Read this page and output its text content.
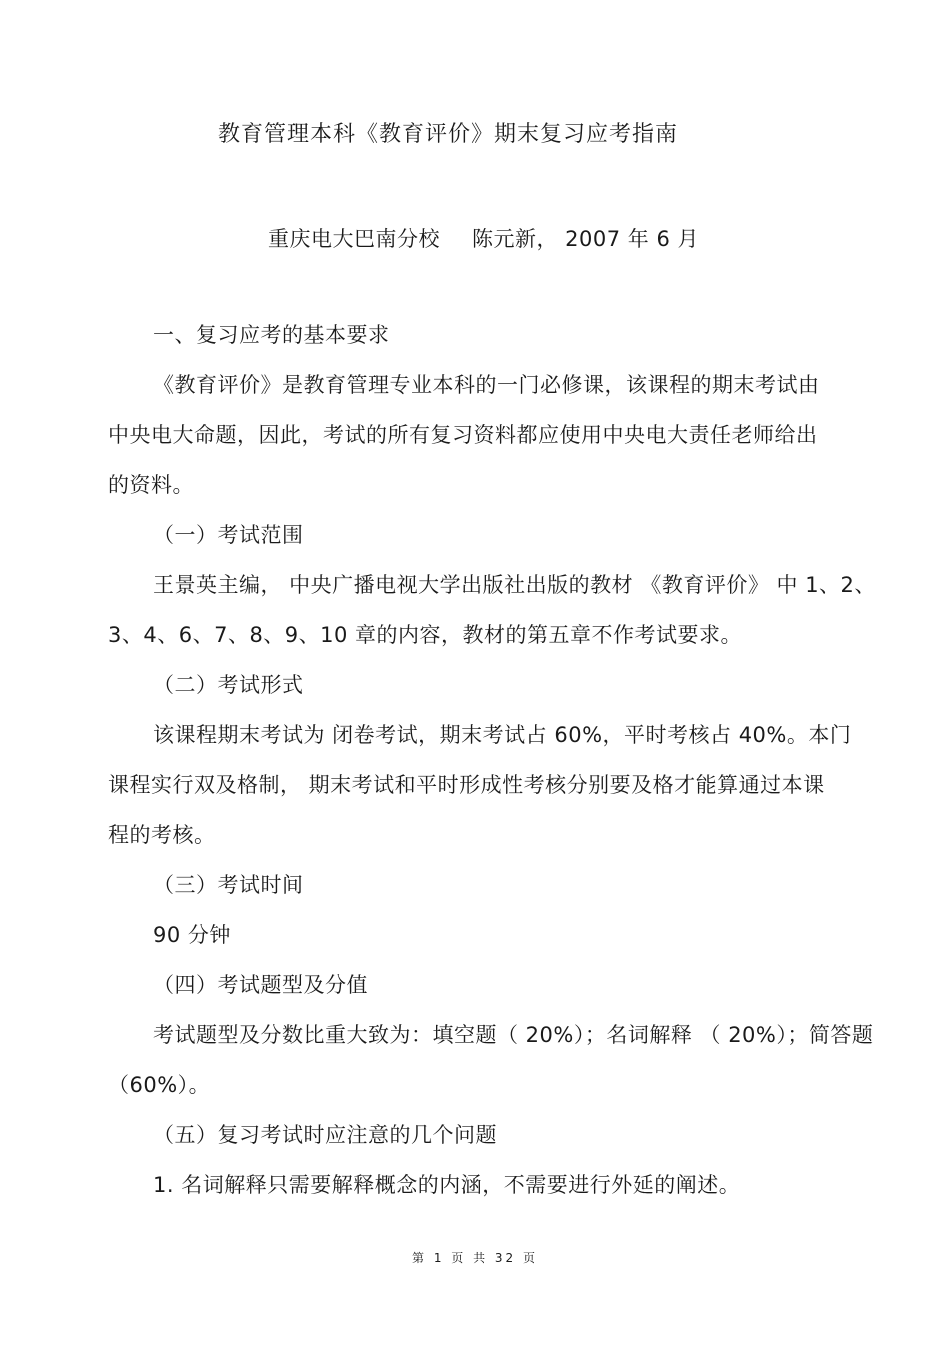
教育管理本科《教育评价》期末复习应考指南
重庆电大巴南分校 陈元新， 2007 年 6 月
一、复习应考的基本要求
《教育评价》是教育管理专业本科的一门必修课，该课程的期末考试由
中央电大命题，因此，考试的所有复习资料都应使用中央电大责任老师给出
的资料。
（一）考试范围
王景英主编， 中央广播电视大学出版社出版的教材 《教育评价》 中 1、2、
3、4、6、7、8、9、10 章的内容，教材的第五章不作考试要求。
（二）考试形式
该课程期末考试为 闭卷考试，期末考试占 60%，平时考核占 40%。本门
课程实行双及格制， 期末考试和平时形成性考核分别要及格才能算通过本课
程的考核。
（三）考试时间
90 分钟
（四）考试题型及分值
考试题型及分数比重大致为：填空题（ 20%）；名词解释 （ 20%）；简答题
（60%）。
（五）复习考试时应注意的几个问题
1. 名词解释只需要解释概念的内涵，不需要进行外延的阐述。
第 1 页 共 32 页
